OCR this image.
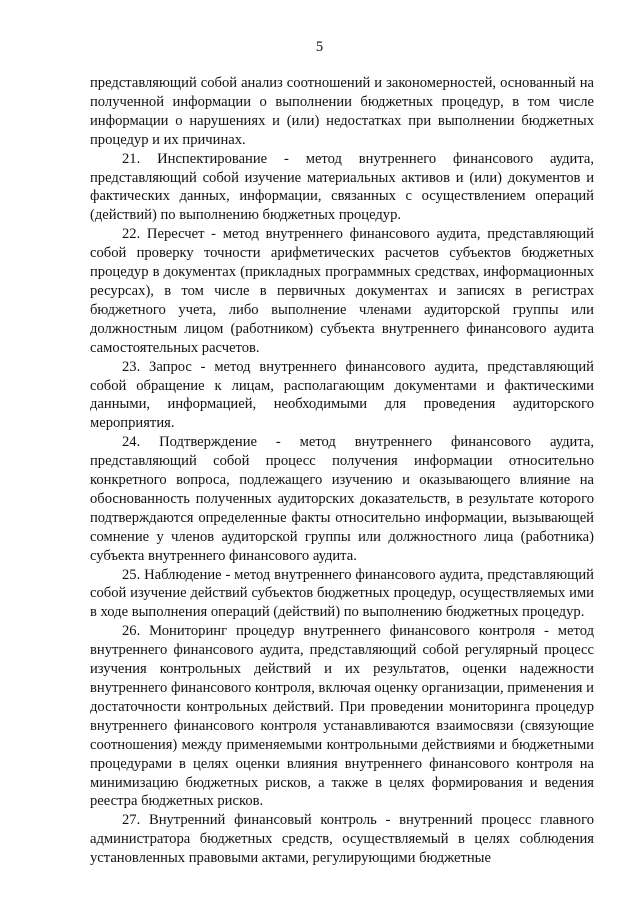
5

представляющий собой анализ соотношений и закономерностей, основанный на полученной информации о выполнении бюджетных процедур, в том числе информации о нарушениях и (или) недостатках при выполнении бюджетных процедур и их причинах.

21. Инспектирование - метод внутреннего финансового аудита, представляющий собой изучение материальных активов и (или) документов и фактических данных, информации, связанных с осуществлением операций (действий) по выполнению бюджетных процедур.

22. Пересчет - метод внутреннего финансового аудита, представляющий собой проверку точности арифметических расчетов субъектов бюджетных процедур в документах (прикладных программных средствах, информационных ресурсах), в том числе в первичных документах и записях в регистрах бюджетного учета, либо выполнение членами аудиторской группы или должностным лицом (работником) субъекта внутреннего финансового аудита самостоятельных расчетов.

23. Запрос - метод внутреннего финансового аудита, представляющий собой обращение к лицам, располагающим документами и фактическими данными, информацией, необходимыми для проведения аудиторского мероприятия.

24. Подтверждение - метод внутреннего финансового аудита, представляющий собой процесс получения информации относительно конкретного вопроса, подлежащего изучению и оказывающего влияние на обоснованность полученных аудиторских доказательств, в результате которого подтверждаются определенные факты относительно информации, вызывающей сомнение у членов аудиторской группы или должностного лица (работника) субъекта внутреннего финансового аудита.

25. Наблюдение - метод внутреннего финансового аудита, представляющий собой изучение действий субъектов бюджетных процедур, осуществляемых ими в ходе выполнения операций (действий) по выполнению бюджетных процедур.

26. Мониторинг процедур внутреннего финансового контроля - метод внутреннего финансового аудита, представляющий собой регулярный процесс изучения контрольных действий и их результатов, оценки надежности внутреннего финансового контроля, включая оценку организации, применения и достаточности контрольных действий. При проведении мониторинга процедур внутреннего финансового контроля устанавливаются взаимосвязи (связующие соотношения) между применяемыми контрольными действиями и бюджетными процедурами в целях оценки влияния внутреннего финансового контроля на минимизацию бюджетных рисков, а также в целях формирования и ведения реестра бюджетных рисков.

27. Внутренний финансовый контроль - внутренний процесс главного администратора бюджетных средств, осуществляемый в целях соблюдения установленных правовыми актами, регулирующими бюджетные
